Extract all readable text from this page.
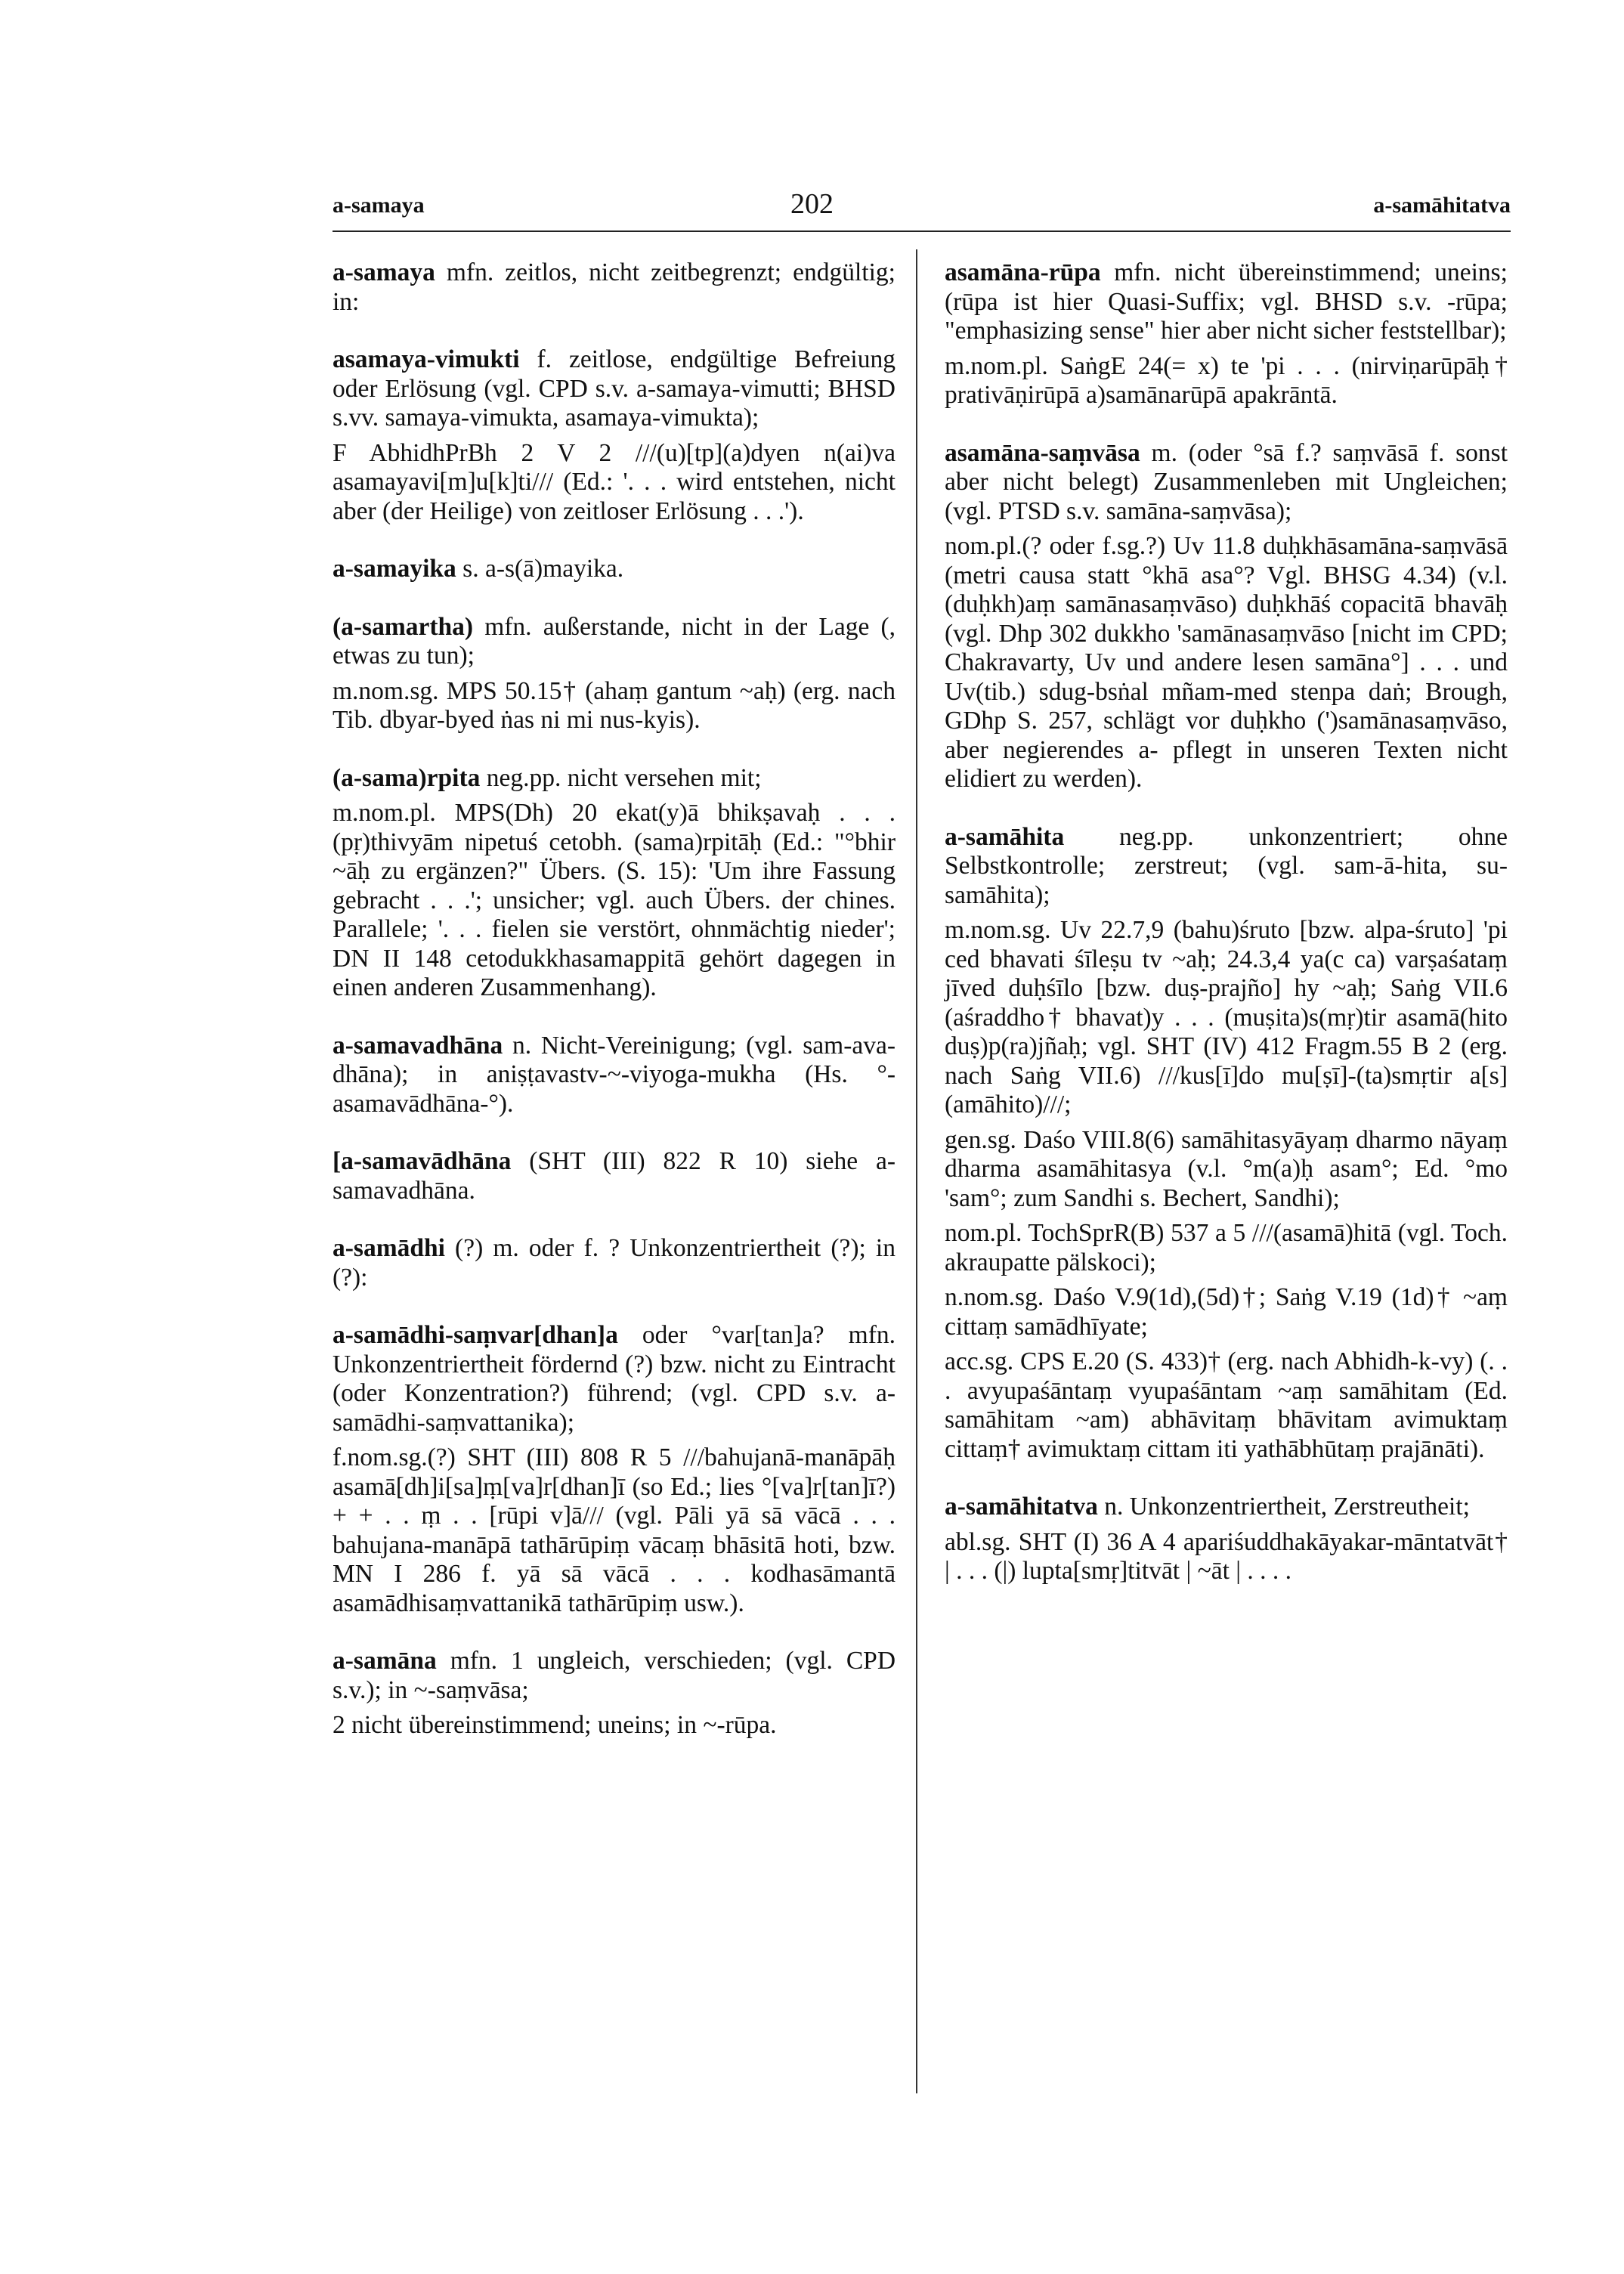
a-samaya	202	a-samāhitatva

a-samaya mfn. zeitlos, nicht zeitbegrenzt; endgültig; in:

asamaya-vimukti f. zeitlose, endgültige Befreiung oder Erlösung (vgl. CPD s.v. a-samaya-vimutti; BHSD s.vv. samaya-vimukta, asamaya-vimukta);

F AbhidhPrBh 2 V 2 ///(u)[tp](a)dyen n(ai)va asamayavi[m]u[k]ti/// (Ed.: '. . . wird entstehen, nicht aber (der Heilige) von zeitloser Erlösung . . .').

a-samayika s. a-s(ā)mayika.

(a-samartha) mfn. außerstande, nicht in der Lage (, etwas zu tun);

m.nom.sg. MPS 50.15† (ahaṃ gantum ~aḥ) (erg. nach Tib. dbyar-byed ṅas ni mi nus-kyis).

(a-sama)rpita neg.pp. nicht versehen mit;

m.nom.pl. MPS(Dh) 20 ekat(y)ā bhikṣavaḥ . . . (pṛ)thivyām nipetuś cetobh. (sama)rpitāḥ (Ed.: "°bhir ~āḥ zu ergänzen?" Übers. (S. 15): 'Um ihre Fassung gebracht . . .'; unsicher; vgl. auch Übers. der chines. Parallele; '. . . fielen sie verstört, ohnmächtig nieder'; DN II 148 cetodukkhasamappitā gehört dagegen in einen anderen Zusammenhang).

a-samavadhāna n. Nicht-Vereinigung; (vgl. sam-ava-dhāna); in aniṣṭavastv-~-viyoga-mukha (Hs. °-asamavādhāna-°).

[a-samavādhāna (SHT (III) 822 R 10) siehe a-samavadhāna.

a-samādhi (?) m. oder f. ? Unkonzentriertheit (?); in (?):

a-samādhi-saṃvar[dhan]a oder °var[tan]a? mfn. Unkonzentriertheit fördernd (?) bzw. nicht zu Eintracht (oder Konzentration?) führend; (vgl. CPD s.v. a-samādhi-saṃvattanika);

f.nom.sg.(?) SHT (III) 808 R 5 ///bahujanā-manāpāḥ asamā[dh]i[sa]ṃ[va]r[dhan]ī (so Ed.; lies °[va]r[tan]ī?) + + . . ṃ . . [rūpi v]ā/// (vgl. Pāli yā sā vācā . . . bahujana-manāpā tathārūpiṃ vācaṃ bhāsitā hoti, bzw. MN I 286 f. yā sā vācā . . . kodhasāmantā asamādhisaṃvattanikā tathārūpiṃ usw.).

a-samāna mfn. 1 ungleich, verschieden; (vgl. CPD s.v.); in ~-saṃvāsa;

2 nicht übereinstimmend; uneins; in ~-rūpa.

asamāna-rūpa mfn. nicht übereinstimmend; uneins; (rūpa ist hier Quasi-Suffix; vgl. BHSD s.v. -rūpa; "emphasizing sense" hier aber nicht sicher feststellbar);

m.nom.pl. SaṅgE 24(= x) te 'pi . . . (nirviṇarūpāḥ† prativāṇirūpā a)samānarūpā apakrāntā.

asamāna-saṃvāsa m. (oder °sā f.? saṃvāsā f. sonst aber nicht belegt) Zusammenleben mit Ungleichen; (vgl. PTSD s.v. samāna-saṃvāsa);

nom.pl.(? oder f.sg.?) Uv 11.8 duḥkhāsamāna-saṃvāsā (metri causa statt °khā asa°? Vgl. BHSG 4.34) (v.l. (duḥkh)aṃ samānasaṃvāso) duḥkhāś copacitā bhavāḥ (vgl. Dhp 302 dukkho 'samānasaṃvāso [nicht im CPD; Chakravarty, Uv und andere lesen samāna°] . . . und Uv(tib.) sdug-bsṅal mñam-med stenpa daṅ; Brough, GDhp S. 257, schlägt vor duḥkho (')samānasaṃvāso, aber negierendes a- pflegt in unseren Texten nicht elidiert zu werden).

a-samāhita neg.pp. unkonzentriert; ohne Selbstkontrolle; zerstreut; (vgl. sam-ā-hita, su-samāhita);

m.nom.sg. Uv 22.7,9 (bahu)śruto [bzw. alpa-śruto] 'pi ced bhavati śīleṣu tv ~aḥ; 24.3,4 ya(c ca) varṣaśataṃ jīved duḥśīlo [bzw. duṣ-prajño] hy ~aḥ; Saṅg VII.6 (aśraddho† bhavat)y . . . (muṣita)s(mṛ)tir asamā(hito duṣ)p(ra)jñaḥ; vgl. SHT (IV) 412 Fragm.55 B 2 (erg. nach Saṅg VII.6) ///kus[ī]do mu[ṣī]-(ta)smṛtir a[s](amāhito)///;

gen.sg. Daśo VIII.8(6) samāhitasyāyaṃ dharmo nāyaṃ dharma asamāhitasya (v.l. °m(a)ḥ asam°; Ed. °mo 'sam°; zum Sandhi s. Bechert, Sandhi);

nom.pl. TochSprR(B) 537 a 5 ///(asamā)hitā (vgl. Toch. akraupatte pälskoci);

n.nom.sg. Daśo V.9(1d),(5d)†; Saṅg V.19 (1d)† ~aṃ cittaṃ samādhīyate;

acc.sg. CPS E.20 (S. 433)† (erg. nach Abhidh-k-vy) (. . . avyupaśāntaṃ vyupaśāntam ~aṃ samāhitam (Ed. samāhitam ~am) abhāvitaṃ bhāvitam avimuktaṃ cittaṃ† avimuktaṃ cittam iti yathābhūtaṃ prajānāti).

a-samāhitatva n. Unkonzentriertheit, Zerstreutheit;

abl.sg. SHT (I) 36 A 4 apariśuddhakāyakar-māntatvāt† | . . . (|) lupta[smṛ]titvāt | ~āt | . . . .
